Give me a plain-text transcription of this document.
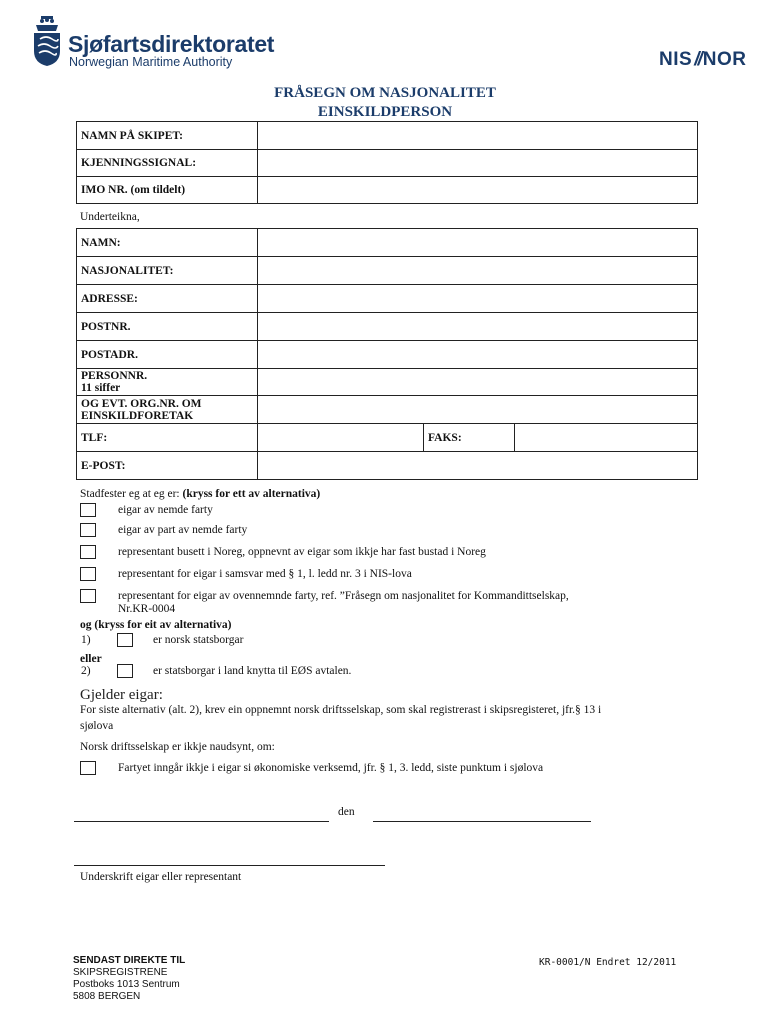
Sjøfartsdirektoratet
Norwegian Maritime Authority	NIS // NOR
FRÅSEGN OM NASJONALITET
EINSKILDPERSON
NAMN PÅ SKIPET:	
KJENNINGSSIGNAL:	
IMO NR. (om tildelt)	
Underteikna,
NAMN:			
NASJONALITET:			
ADRESSE:			
POSTNR.			
POSTADR.			

PERSONNR.
11 siffer			

OG EVT. ORG.NR. OM
EINSKILDFORETAK			

TLF:		FAKS:	
E-POST:			
Stadfester eg at eg er: (kryss for ett av alternativa)
eigar av nemde farty
eigar av part av nemde farty
representant busett i Noreg, oppnevnt av eigar som ikkje har fast bustad i Noreg
representant for eigar i samsvar med § 1, l. ledd nr. 3 i NIS-lova
representant for eigar av ovennemnde farty, ref. ”Fråsegn om nasjonalitet for Kommandittselskap,
Nr.KR-0004
og (kryss for eit av alternativa)
1)	er norsk statsborgar
eller
2)	er statsborgar i land knytta til EØS avtalen.
Gjelder eigar:
For siste alternativ (alt. 2), krev ein oppnemnt norsk driftsselskap, som skal registrerast i skipsregisteret, jfr.§ 13 i
sjølova
Norsk driftsselskap er ikkje naudsynt, om:
Fartyet inngår ikkje i eigar si økonomiske verksemd, jfr. § 1, 3. ledd, siste punktum i sjølova
den
Underskrift eigar eller representant
SENDAST DIREKTE TIL
SKIPSREGISTRENE
Postboks 1013 Sentrum
5808 BERGEN
KR-0001/N Endret 12/2011
